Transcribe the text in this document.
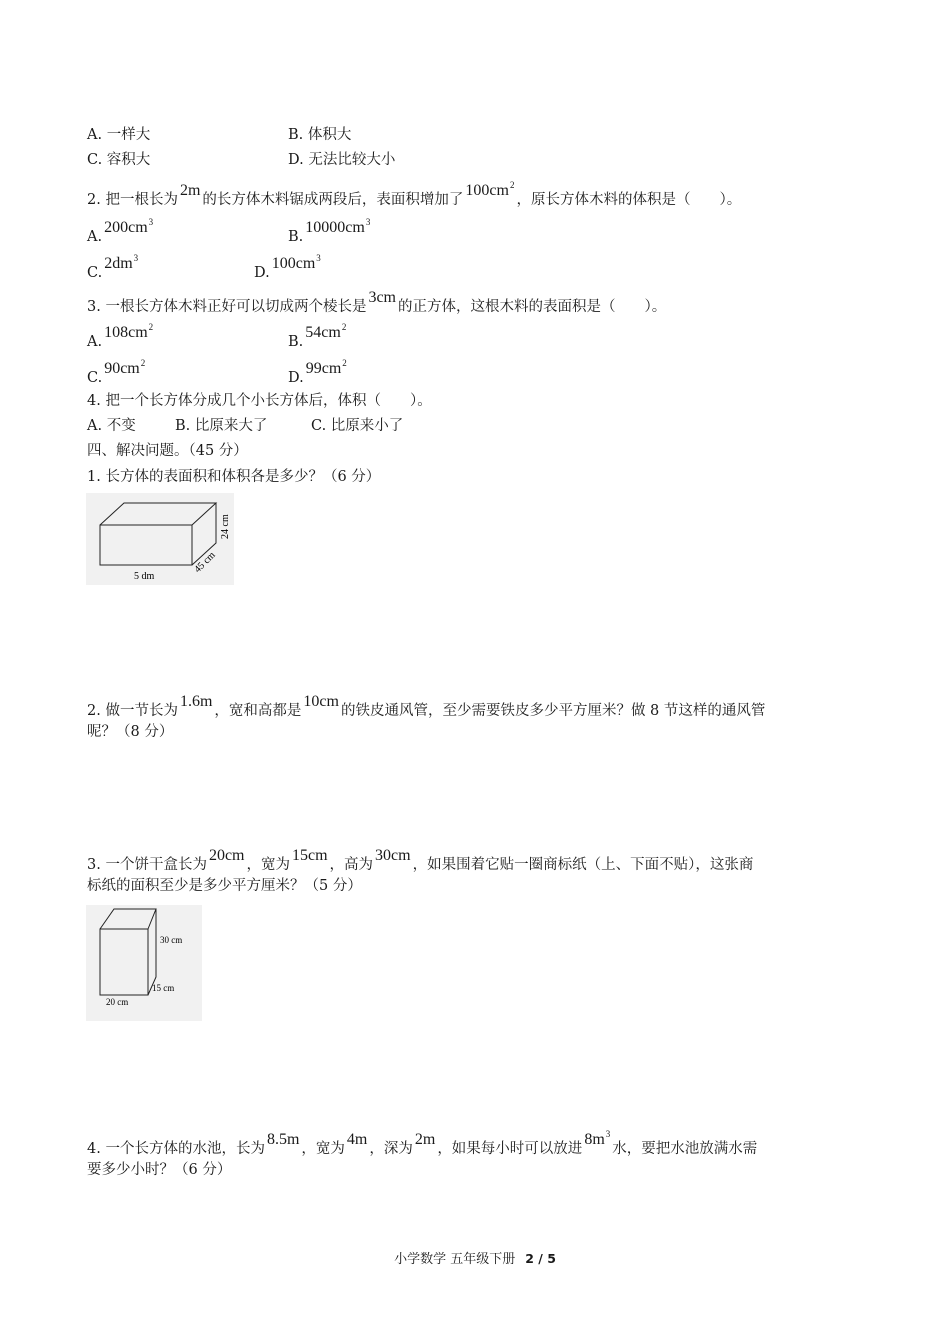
A. 一样大	B. 体积大
C. 容积大	D. 无法比较大小
2. 把一根长为2m的长方体木料锯成两段后，表面积增加了$100cm^2$，原长方体木料的体积是（　　）。
$A.200cm^3$
$B.10000cm^3$
$C.2dm^3$
$D.100cm^3$
3. 一根长方体木料正好可以切成两个棱长是3cm的正方体，这根木料的表面积是（　　）。
$A.108cm^2$
$B.54cm^2$
$C.90cm^2$
$D.99cm^2$
4. 把一个长方体分成几个小长方体后，体积（　　）。
A. 不变	B. 比原来大了	C. 比原来小了
四、解决问题。（45 分）
1. 长方体的表面积和体积各是多少？（6 分）
5 dm
45 cm
24 cm
2. 做一节长为1.6m，宽和高都是10cm的铁皮通风管，至少需要铁皮多少平方厘米？做 8 节这样的通风管
呢？（8 分）
3. 一个饼干盒长为20cm，宽为15cm，高为30cm，如果围着它贴一圈商标纸（上、下面不贴），这张商
标纸的面积至少是多少平方厘米？（5 分）
30 cm
15 cm
20 cm
4. 一个长方体的水池，长为8.5m，宽为4m，深为2m，如果每小时可以放进$8m^3$水，要把水池放满水需
要多少小时？（6 分）
小学数学 五年级下册 2 / 5
